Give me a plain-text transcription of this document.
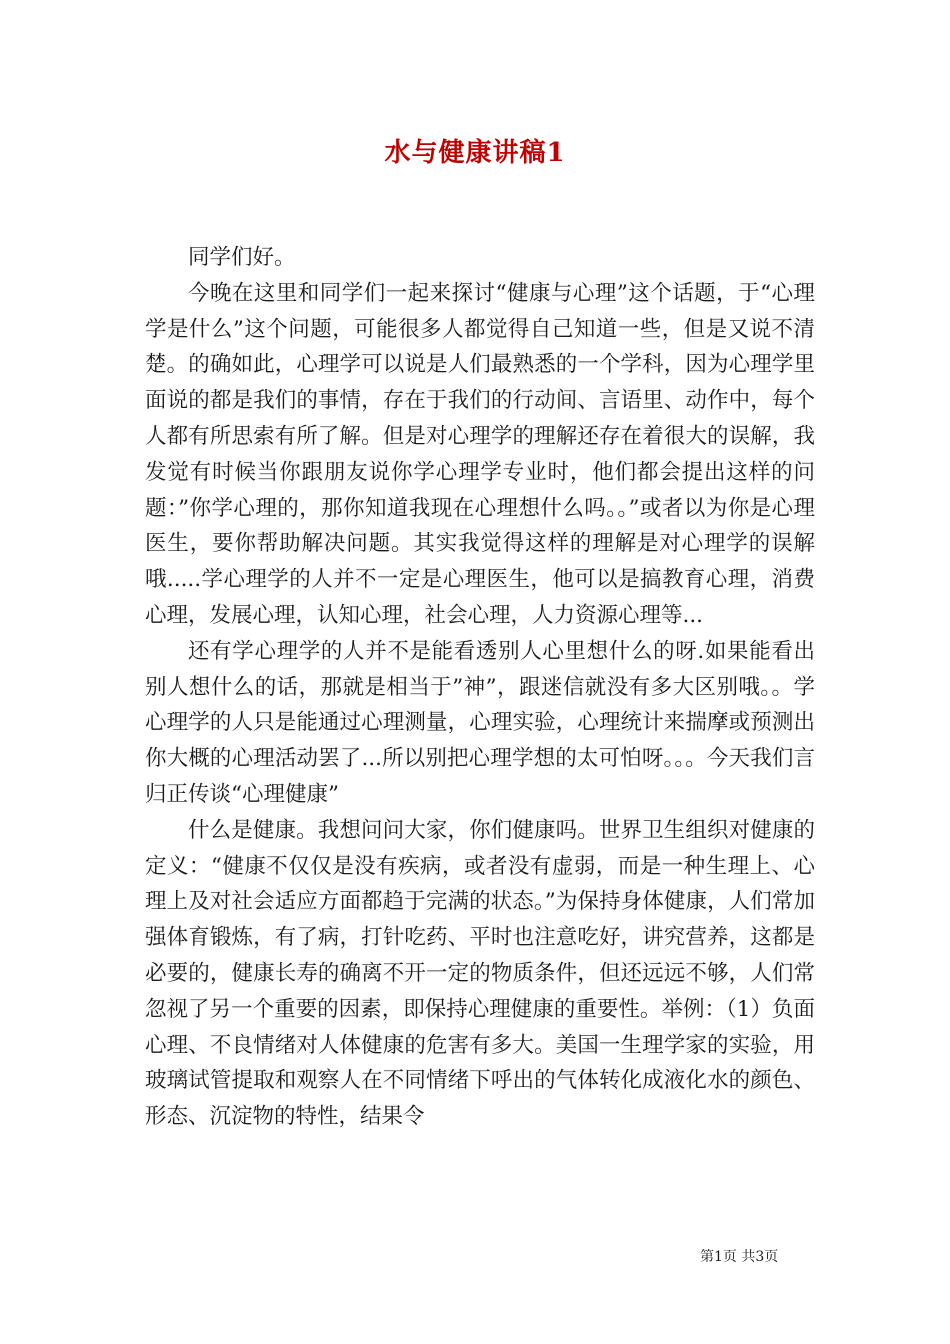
水与健康讲稿1

同学们好。

今晚在这里和同学们一起来探讨“健康与心理”这个话题，于“心理学是什么”这个问题，可能很多人都觉得自己知道一些，但是又说不清楚。的确如此，心理学可以说是人们最熟悉的一个学科，因为心理学里面说的都是我们的事情，存在于我们的行动间、言语里、动作中，每个人都有所思索有所了解。但是对心理学的理解还存在着很大的误解，我发觉有时候当你跟朋友说你学心理学专业时，他们都会提出这样的问题：”你学心理的，那你知道我现在心理想什么吗。。”或者以为你是心理医生，要你帮助解决问题。其实我觉得这样的理解是对心理学的误解哦.....学心理学的人并不一定是心理医生，他可以是搞教育心理，消费心理，发展心理，认知心理，社会心理，人力资源心理等...

还有学心理学的人并不是能看透别人心里想什么的呀.如果能看出别人想什么的话，那就是相当于”神”，跟迷信就没有多大区别哦。。学心理学的人只是能通过心理测量，心理实验，心理统计来揣摩或预测出你大概的心理活动罢了...所以别把心理学想的太可怕呀。。。今天我们言归正传谈“心理健康”

什么是健康。我想问问大家，你们健康吗。世界卫生组织对健康的定义：“健康不仅仅是没有疾病，或者没有虚弱，而是一种生理上、心理上及对社会适应方面都趋于完满的状态。”为保持身体健康，人们常加强体育锻炼，有了病，打针吃药、平时也注意吃好，讲究营养，这都是必要的，健康长寿的确离不开一定的物质条件，但还远远不够，人们常忽视了另一个重要的因素，即保持心理健康的重要性。举例：（1）负面心理、不良情绪对人体健康的危害有多大。美国一生理学家的实验，用玻璃试管提取和观察人在不同情绪下呼出的气体转化成液化水的颜色、形态、沉淀物的特性，结果令

第1页 共3页
